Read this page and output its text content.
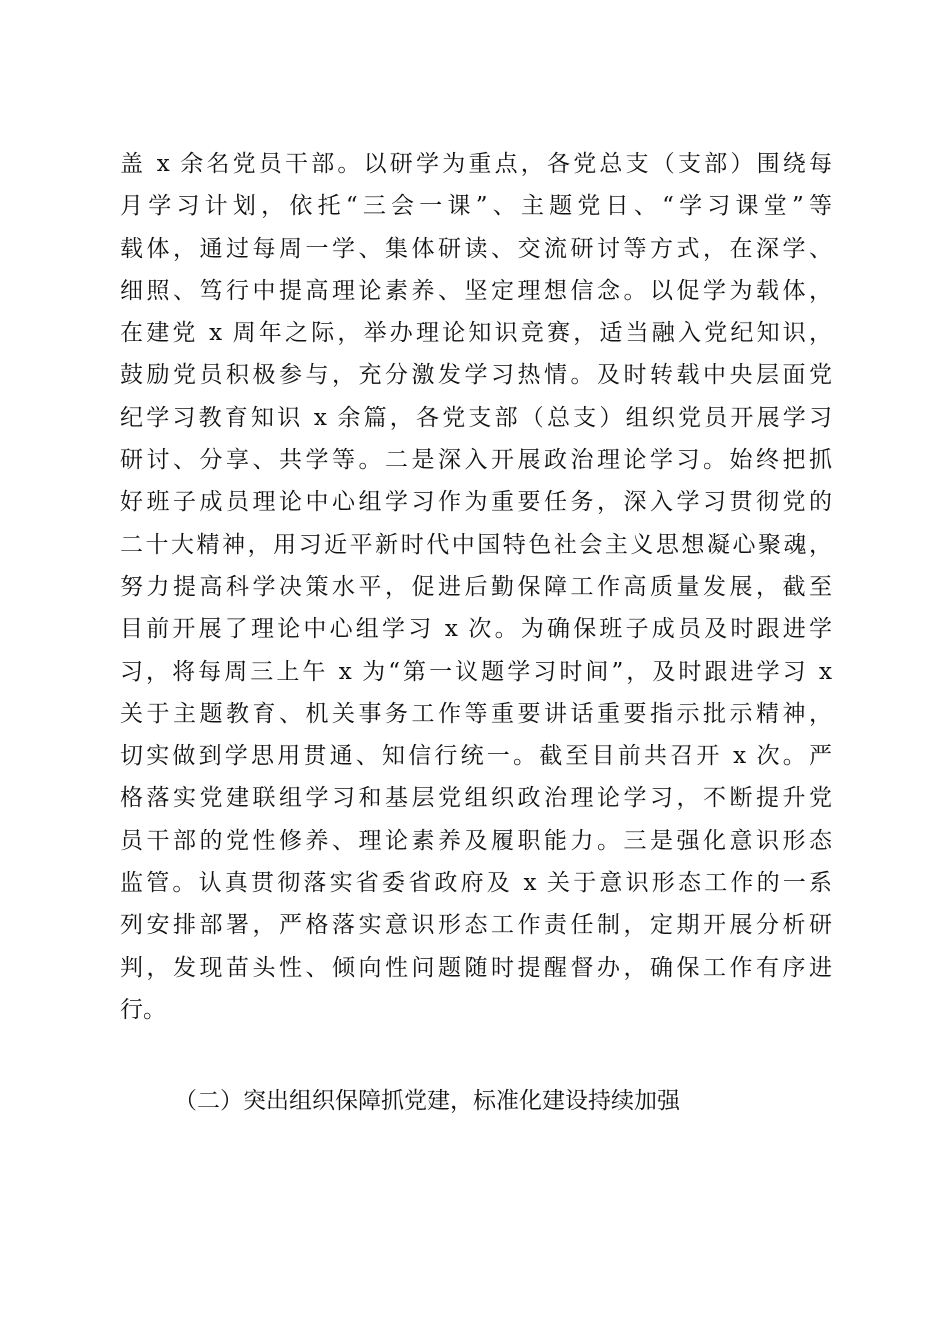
盖 x 余名党员干部。以研学为重点，各党总支（支部）围绕每
月学习计划，依托“三会一课”、主题党日、“学习课堂”等
载体，通过每周一学、集体研读、交流研讨等方式，在深学、
细照、笃行中提高理论素养、坚定理想信念。以促学为载体，
在建党 x 周年之际，举办理论知识竞赛，适当融入党纪知识，
鼓励党员积极参与，充分激发学习热情。及时转载中央层面党
纪学习教育知识 x 余篇，各党支部（总支）组织党员开展学习
研讨、分享、共学等。二是深入开展政治理论学习。始终把抓
好班子成员理论中心组学习作为重要任务，深入学习贯彻党的
二十大精神，用习近平新时代中国特色社会主义思想凝心聚魂，
努力提高科学决策水平，促进后勤保障工作高质量发展，截至
目前开展了理论中心组学习 x 次。为确保班子成员及时跟进学
习，将每周三上午 x 为“第一议题学习时间”，及时跟进学习 x
关于主题教育、机关事务工作等重要讲话重要指示批示精神，
切实做到学思用贯通、知信行统一。截至目前共召开 x 次。严
格落实党建联组学习和基层党组织政治理论学习，不断提升党
员干部的党性修养、理论素养及履职能力。三是强化意识形态
监管。认真贯彻落实省委省政府及 x 关于意识形态工作的一系
列安排部署，严格落实意识形态工作责任制，定期开展分析研
判，发现苗头性、倾向性问题随时提醒督办，确保工作有序进
行。
（二）突出组织保障抓党建，标准化建设持续加强
